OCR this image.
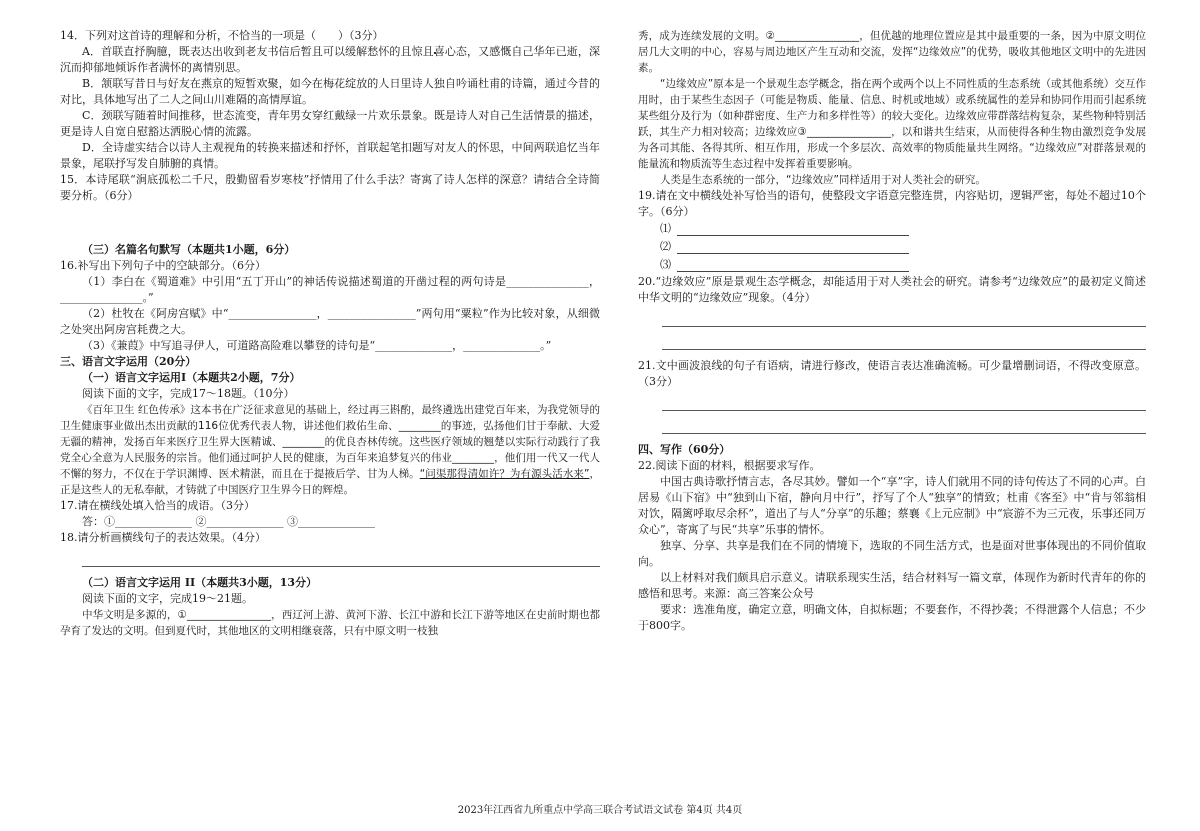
14．下列对这首诗的理解和分析，不恰当的一项是（　　）（3分）

A．首联直抒胸臆，既表达出收到老友书信后暂且可以缓解愁怀的且惊且喜心态，又感慨自己华年已逝，深沉而抑郁地倾诉作者满怀的离情别思。

B．颔联写昔日与好友在燕京的短暂欢聚，如今在梅花绽放的人日里诗人独自吟诵杜甫的诗篇，通过今昔的对比，具体地写出了二人之间山川难隔的高情厚谊。

C．颈联写随着时间推移，世态流变，青年男女穿红戴绿一片欢乐景象。既是诗人对自己生活情景的描述，更是诗人自宽自慰豁达洒脱心情的流露。

D．全诗虚实结合以诗人主观视角的转换来描述和抒怀，首联起笔扣题写对友人的怀思，中间两联追忆当年景象，尾联抒写发自肺腑的真情。

15．本诗尾联“涧底孤松二千尺，殷勤留看岁寒枝”抒情用了什么手法？寄寓了诗人怎样的深意？请结合全诗简要分析。（6分）

（三）名篇名句默写（本题共1小题，6分）

16.补写出下列句子中的空缺部分。（6分）

（1）李白在《蜀道难》中引用“五丁开山”的神话传说描述蜀道的开凿过程的两句诗是_______________，_______________。”

（2）杜牧在《阿房宫赋》中“________________，________________”两句用“粟粒”作为比较对象，从细微之处突出阿房宫耗费之大。

（3）《兼葭》中写追寻伊人，可道路高险难以攀登的诗句是“______________，______________。”

三、语言文字运用（20分）

（一）语言文字运用Ⅰ（本题共2小题，7分）

阅读下面的文字，完成17～18题。（10分）

《百年卫生 红色传承》这本书在广泛征求意见的基础上，经过再三斟酌，最终遴选出建党百年来，为我党领导的卫生健康事业做出杰出贡献的116位优秀代表人物，讲述他们救佑生命、________的事迹，弘扬他们甘于奉献、大爱无疆的精神，发扬百年来医疗卫生界大医精诚、________的优良杏林传统。这些医疗领域的翘楚以实际行动践行了我党全心全意为人民服务的宗旨。他们通过呵护人民的健康，为百年来追梦复兴的伟业________，他们用一代又一代人不懈的努力，不仅在于学识渊博、医术精湛，而且在于提掖后学、甘为人梯。“问渠那得清如许？为有源头活水来”，正是这些人的无私奉献，才铸就了中国医疗卫生界今日的辉煌。

17.请在横线处填入恰当的成语。（3分）

答：①______________ ②______________ ③______________

18.请分析画横线句子的表达效果。（4分）

（二）语言文字运用 II（本题共3小题，13分）

阅读下面的文字，完成19～21题。

中华文明是多源的，①________________，西辽河上游、黄河下游、长江中游和长江下游等地区在史前时期也都孕育了发达的文明。但到夏代时，其他地区的文明相继衰落，只有中原文明一枝独

秀，成为连续发展的文明。②________________，但优越的地理位置应是其中最重要的一条，因为中原文明位居几大文明的中心，容易与周边地区产生互动和交流，发挥“边缘效应”的优势，吸收其他地区文明中的先进因素。

“边缘效应”原本是一个景观生态学概念，指在两个或两个以上不同性质的生态系统（或其他系统）交互作用时，由于某些生态因子（可能是物质、能量、信息、时机或地域）或系统属性的差异和协同作用而引起系统某些组分及行为（如种群密度、生产力和多样性等）的较大变化。边缘效应带群落结构复杂，某些物种特别活跃，其生产力相对较高；边缘效应③________________，以和谐共生结束，从而使得各种生物由激烈竞争发展为各司其能、各得其所、相互作用，形成一个多层次、高效率的物质能量共生网络。“边缘效应”对群落景观的能量流和物质流等生态过程中发挥着重要影响。

人类是生态系统的一部分，“边缘效应”同样适用于对人类社会的研究。

19.请在文中横线处补写恰当的语句，使整段文字语意完整连贯，内容贴切，逻辑严密，每处不超过10个字。（6分）

⑴
⑵
⑶

20.“边缘效应”原是景观生态学概念，却能适用于对人类社会的研究。请参考“边缘效应”的最初定义简述中华文明的“边缘效应”现象。（4分）

21.文中画波浪线的句子有语病，请进行修改，使语言表达准确流畅。可少量增删词语，不得改变原意。（3分）

四、写作（60分）

22.阅读下面的材料，根据要求写作。

中国古典诗歌抒情言志，各尽其妙。譬如一个“享”字，诗人们就用不同的诗句传达了不同的心声。白居易《山下宿》中“独到山下宿，静向月中行”，抒写了个人“独享”的情致；杜甫《客至》中“肯与邻翁相对饮，隔篱呼取尽余杯”，道出了与人“分享”的乐趣；蔡襄《上元应制》中“宸游不为三元夜，乐事还同万众心”，寄寓了与民“共享”乐事的情怀。

独享、分享、共享是我们在不同的情境下，选取的不同生活方式，也是面对世事体现出的不同价值取向。

以上材料对我们颇具启示意义。请联系现实生活，结合材料写一篇文章，体现作为新时代青年的你的感悟和思考。来源：高三答案公众号

要求：选准角度，确定立意，明确文体，自拟标题；不要套作，不得抄袭；不得泄露个人信息；不少于800字。

2023年江西省九所重点中学高三联合考试语文试卷 第4页 共4页
